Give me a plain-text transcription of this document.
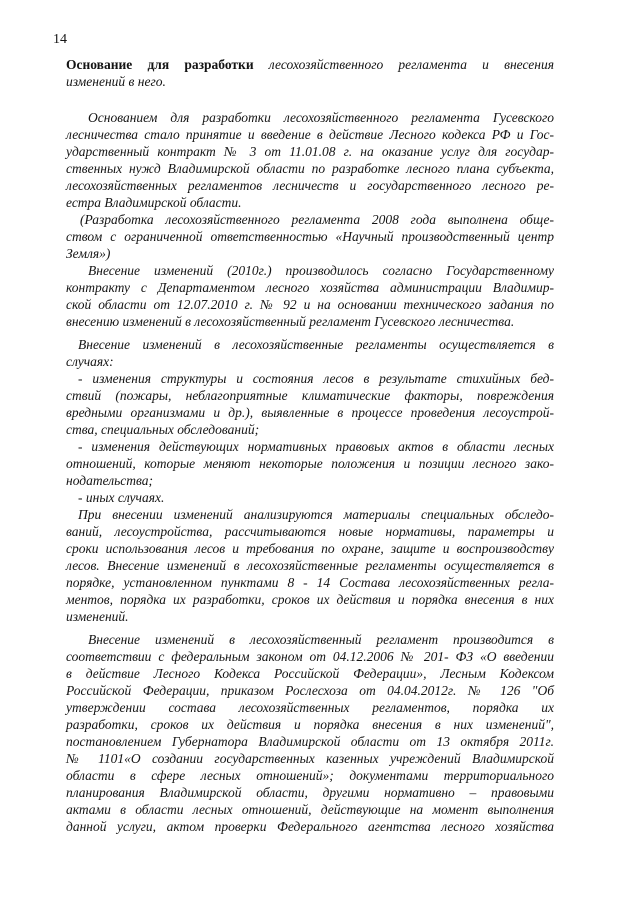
14
Основание для разработки лесохозяйственного регламента и внесения
изменений в него.
Основанием для разработки лесохозяйственного регламента Гусевского
лесничества стало принятие и введение в действие Лесного кодекса РФ и Гос-
ударственный контракт № 3 от 11.01.08 г. на оказание услуг для государ-
ственных нужд Владимирской области по разработке лесного плана субъекта,
лесохозяйственных регламентов лесничеств и государственного лесного ре-
естра Владимирской области.
(Разработка лесохозяйственного регламента 2008 года выполнена обще-
ством с ограниченной ответственностью «Научный производственный центр
Земля»)
Внесение изменений (2010г.) производилось согласно Государственному
контракту с Департаментом лесного хозяйства администрации Владимир-
ской области от 12.07.2010 г. № 92 и на основании технического задания по
внесению изменений в лесохозяйственный регламент Гусевского лесничества.
Внесение изменений в лесохозяйственные регламенты осуществляется в
случаях:
- изменения структуры и состояния лесов в результате стихийных бед-
ствий (пожары, неблагоприятные климатические факторы, повреждения
вредными организмами и др.), выявленные в процессе проведения лесоустрой-
ства, специальных обследований;
- изменения действующих нормативных правовых актов в области лесных
отношений, которые меняют некоторые положения и позиции лесного зако-
нодательства;
- иных случаях.
При внесении изменений анализируются материалы специальных обследо-
ваний, лесоустройства, рассчитываются новые нормативы, параметры и
сроки использования лесов и требования по охране, защите и воспроизводству
лесов. Внесение изменений в лесохозяйственные регламенты осуществляется в
порядке, установленном пунктами 8 - 14 Состава лесохозяйственных регла-
ментов, порядка их разработки, сроков их действия и порядка внесения в них
изменений.
Внесение изменений в лесохозяйственный регламент производится в
соответствии с федеральным законом от 04.12.2006 № 201- ФЗ «О введении
в действие Лесного Кодекса Российской Федерации», Лесным Кодексом
Российской Федерации, приказом Рослесхоза от 04.04.2012г. № 126 "Об
утверждении состава лесохозяйственных регламентов, порядка их
разработки, сроков их действия и порядка внесения в них изменений",
постановлением Губернатора Владимирской области от 13 октября 2011г.
№ 1101«О создании государственных казенных учреждений Владимирской
области в сфере лесных отношений»; документами территориального
планирования Владимирской области, другими нормативно – правовыми
актами в области лесных отношений, действующие на момент выполнения
данной услуги, актом проверки Федерального агентства лесного хозяйства
